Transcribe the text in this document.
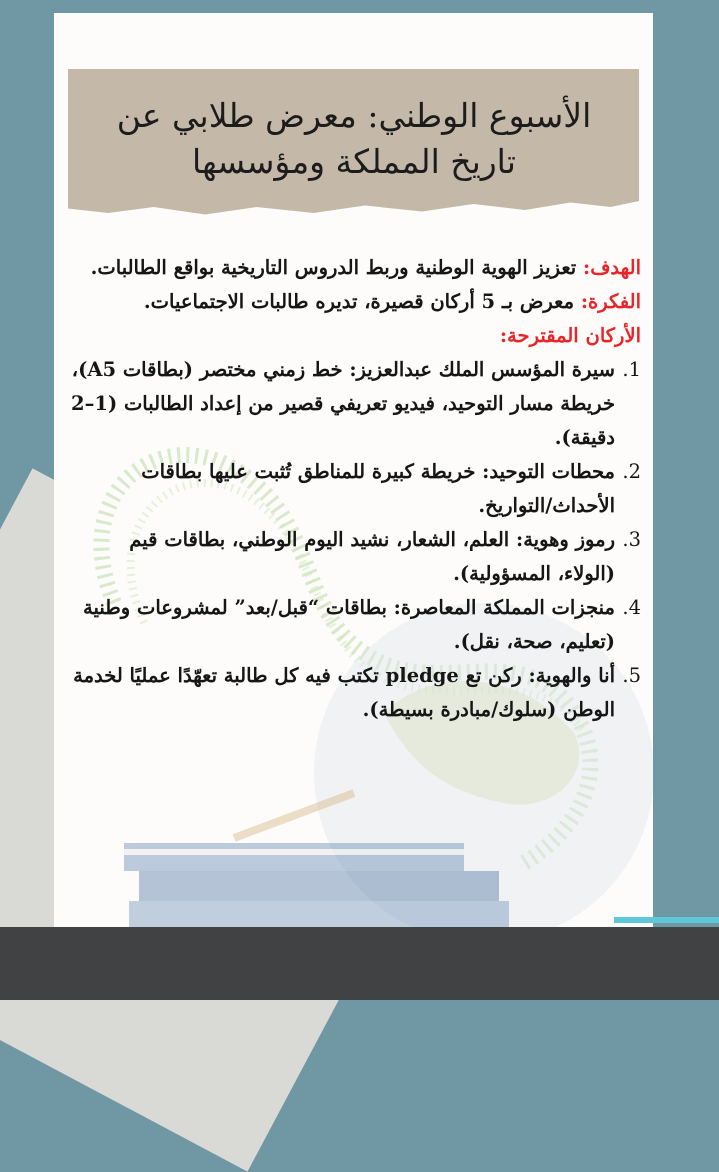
الأسبوع الوطني: معرض طلابي عن تاريخ المملكة ومؤسسها

الهدف: تعزيز الهوية الوطنية وربط الدروس التاريخية بواقع الطالبات.

الفكرة: معرض بـ 5 أركان قصيرة، تديره طالبات الاجتماعيات.

الأركان المقترحة:

1.
سيرة المؤسس الملك عبدالعزيز: خط زمني مختصر (بطاقات A5)، خريطة مسار التوحيد، فيديو تعريفي قصير من إعداد الطالبات (1–2 دقيقة).
2.
محطات التوحيد: خريطة كبيرة للمناطق تُثبت عليها بطاقات الأحداث/التواريخ.
3.
رموز وهوية: العلم، الشعار، نشيد اليوم الوطني، بطاقات قيم (الولاء، المسؤولية).
4.
منجزات المملكة المعاصرة: بطاقات “قبل/بعد” لمشروعات وطنية (تعليم، صحة، نقل).
5.
أنا والهوية: ركن تع pledge تكتب فيه كل طالبة تعهّدًا عمليًا لخدمة الوطن (سلوك/مبادرة بسيطة).
